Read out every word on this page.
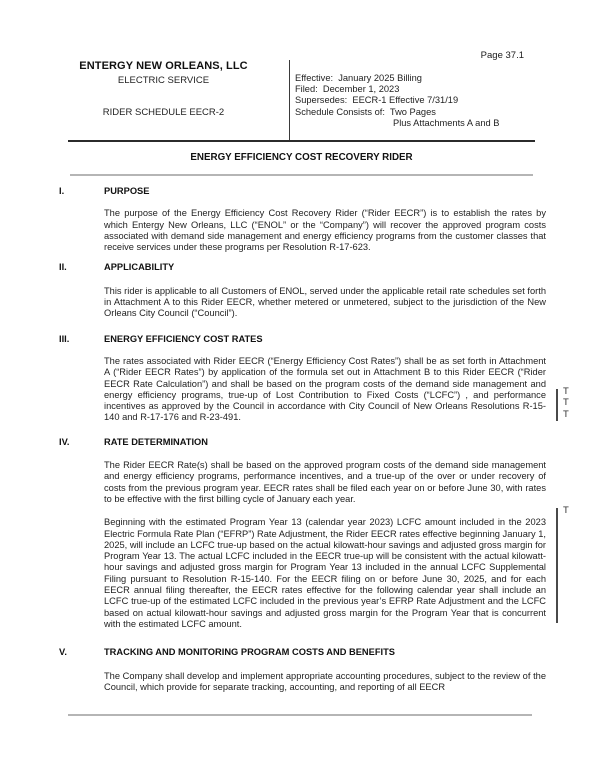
Page 37.1
ENTERGY NEW ORLEANS, LLC
ELECTRIC SERVICE
RIDER SCHEDULE EECR-2
Effective:  January 2025 Billing
Filed:  December 1, 2023
Supersedes:  EECR-1 Effective 7/31/19
Schedule Consists of:  Two Pages
Plus Attachments A and B
ENERGY EFFICIENCY COST RECOVERY RIDER
I.	PURPOSE

The purpose of the Energy Efficiency Cost Recovery Rider (“Rider EECR”) is to establish the rates by which Entergy New Orleans, LLC (“ENOL” or the “Company”) will recover the approved program costs associated with demand side management and energy efficiency programs from the customer classes that receive services under these programs per Resolution R-17-623.

II.	APPLICABILITY

This rider is applicable to all Customers of ENOL, served under the applicable retail rate schedules set forth in Attachment A to this Rider EECR, whether metered or unmetered, subject to the jurisdiction of the New Orleans City Council (“Council”).

III.	ENERGY EFFICIENCY COST RATES

The rates associated with Rider EECR (“Energy Efficiency Cost Rates”) shall be as set forth in Attachment A (“Rider EECR Rates”) by application of the formula set out in Attachment B to this Rider EECR (“Rider EECR Rate Calculation”) and shall be based on the program costs of the demand side management and energy efficiency programs, true-up of Lost Contribution to Fixed Costs (“LCFC”) , and performance incentives as approved by the Council in accordance with City Council of New Orleans Resolutions R-15-140 and R-17-176 and R-23-491.

IV.	RATE DETERMINATION

The Rider EECR Rate(s) shall be based on the approved program costs of the demand side management and energy efficiency programs, performance incentives, and a true-up of the over or under recovery of costs from the previous program year. EECR rates shall be filed each year on or before June 30, with rates to be effective with the first billing cycle of January each year.

Beginning with the estimated Program Year 13 (calendar year 2023) LCFC amount included in the 2023 Electric Formula Rate Plan (“EFRP”) Rate Adjustment, the Rider EECR rates effective beginning January 1, 2025, will include an LCFC true-up based on the actual kilowatt-hour savings and adjusted gross margin for Program Year 13. The actual LCFC included in the EECR true-up will be consistent with the actual kilowatt-hour savings and adjusted gross margin for Program Year 13 included in the annual LCFC Supplemental Filing pursuant to Resolution R-15-140. For the EECR filing on or before June 30, 2025, and for each EECR annual filing thereafter, the EECR rates effective for the following calendar year shall include an LCFC true-up of the estimated LCFC included in the previous year’s EFRP Rate Adjustment and the LCFC based on actual kilowatt-hour savings and adjusted gross margin for the Program Year that is concurrent with the estimated LCFC amount.

V.	TRACKING AND MONITORING PROGRAM COSTS AND BENEFITS

The Company shall develop and implement appropriate accounting procedures, subject to the review of the Council, which provide for separate tracking, accounting, and reporting of all EECR

T
T
T
T
